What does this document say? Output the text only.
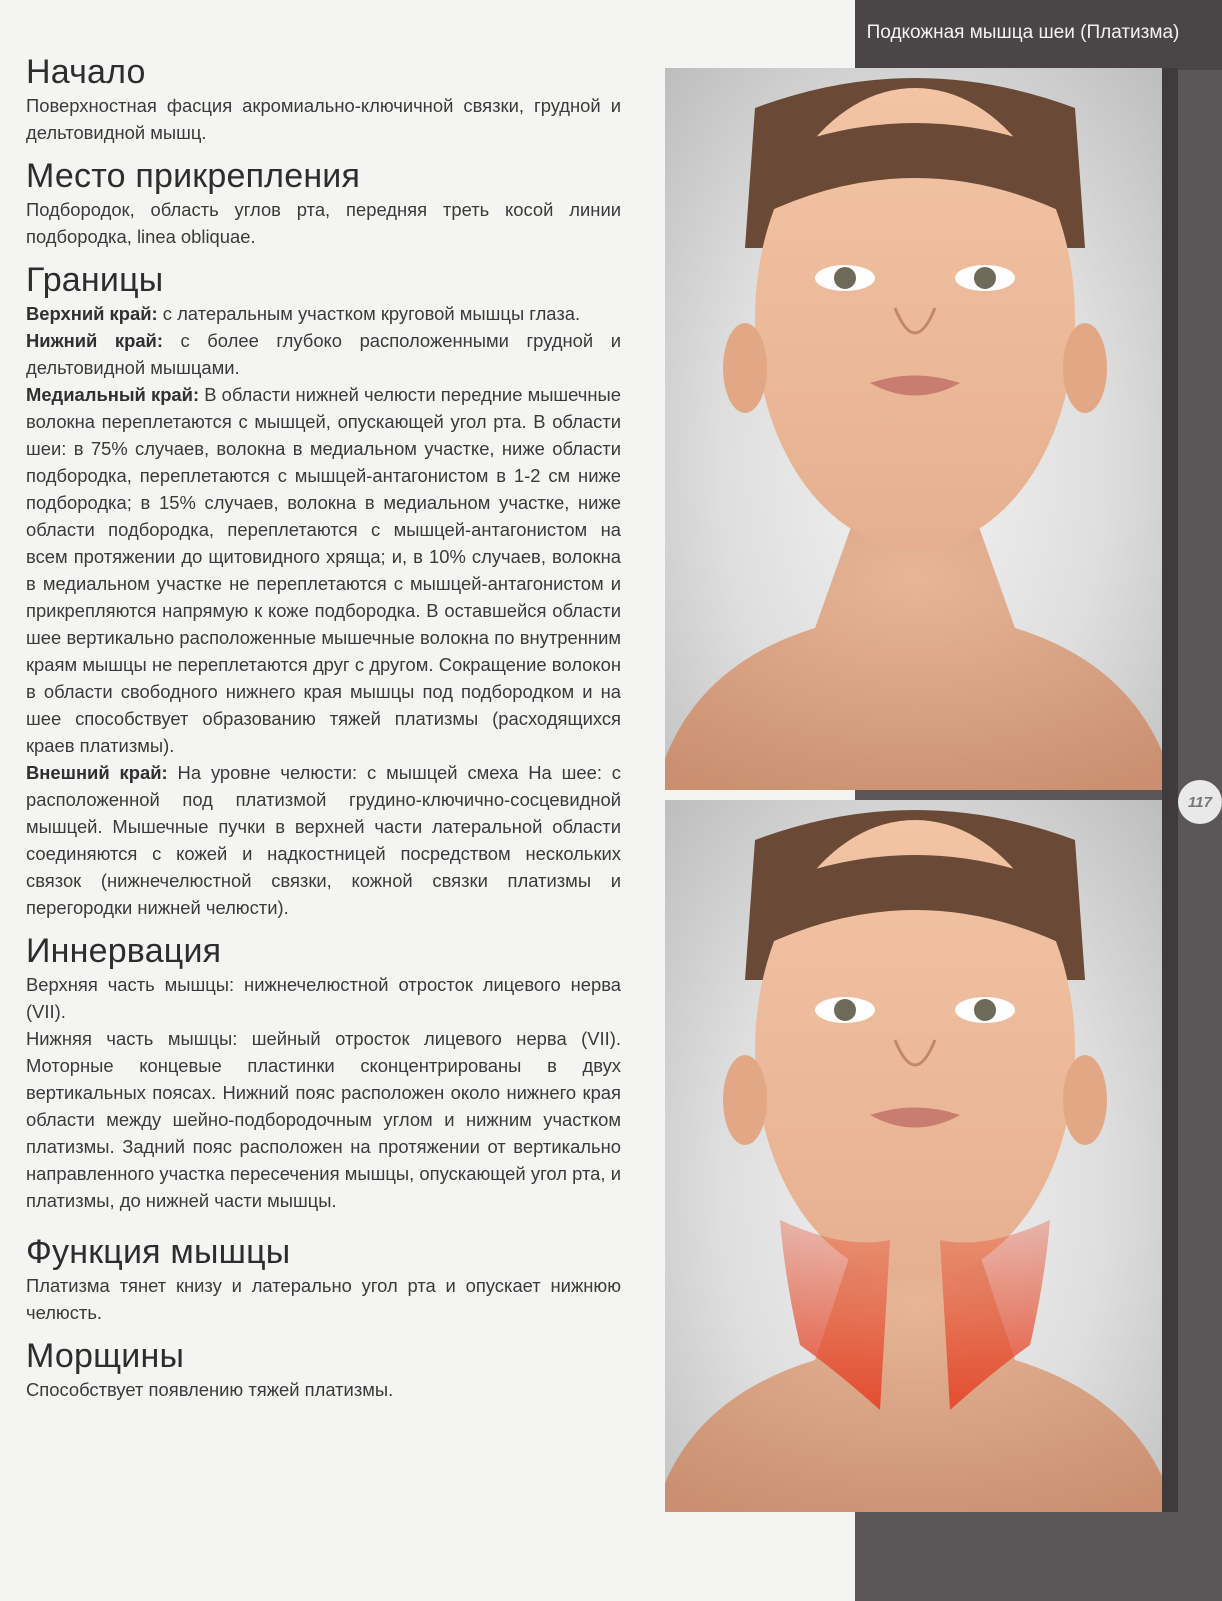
Подкожная мышца шеи (Платизма)
117
Начало

Поверхностная фасция акромиально-ключичной связки, грудной и дельтовидной мышц.

Место прикрепления

Подбородок, область углов рта, передняя треть косой линии подбородка, linea obliquae.

Границы

Верхний край: с латеральным участком круговой мышцы глаза.

Нижний край: с более глубоко расположенными грудной и дельтовидной мышцами.

Медиальный край: В области нижней челюсти передние мышечные волокна переплетаются с мышцей, опускающей угол рта. В области шеи: в 75% случаев, волокна в медиальном участке, ниже области подбородка, переплетаются с мышцей-антагонистом в 1-2 см ниже подбородка; в 15% случаев, волокна в медиальном участке, ниже области подбородка, переплетаются с мышцей-антагонистом на всем протяжении до щитовидного хряща; и, в 10% случаев, волокна в медиальном участке не переплетаются с мышцей-антагонистом и прикрепляются напрямую к коже подбородка. В оставшейся области шее вертикально расположенные мышечные волокна по внутренним краям мышцы не переплетаются друг с другом. Сокращение волокон в области свободного нижнего края мышцы под подбородком и на шее способствует образованию тяжей платизмы (расходящихся краев платизмы).

Внешний край: На уровне челюсти: с мышцей смеха На шее: с расположенной под платизмой грудино-ключично-сосцевидной мышцей. Мышечные пучки в верхней части латеральной области соединяются с кожей и надкостницей посредством нескольких связок (нижнечелюстной связки, кожной связки платизмы и перегородки нижней челюсти).

Иннервация

Верхняя часть мышцы: нижнечелюстной отросток лицевого нерва (VII).

Нижняя часть мышцы: шейный отросток лицевого нерва (VII). Моторные концевые пластинки сконцентрированы в двух вертикальных поясах. Нижний пояс расположен около нижнего края области между шейно-подбородочным углом и нижним участком платизмы. Задний пояс расположен на протяжении от вертикально направленного участка пересечения мышцы, опускающей угол рта, и платизмы, до нижней части мышцы.

Функция мышцы

Платизма тянет книзу и латерально угол рта и опускает нижнюю челюсть.

Морщины

Способствует появлению тяжей платизмы.
